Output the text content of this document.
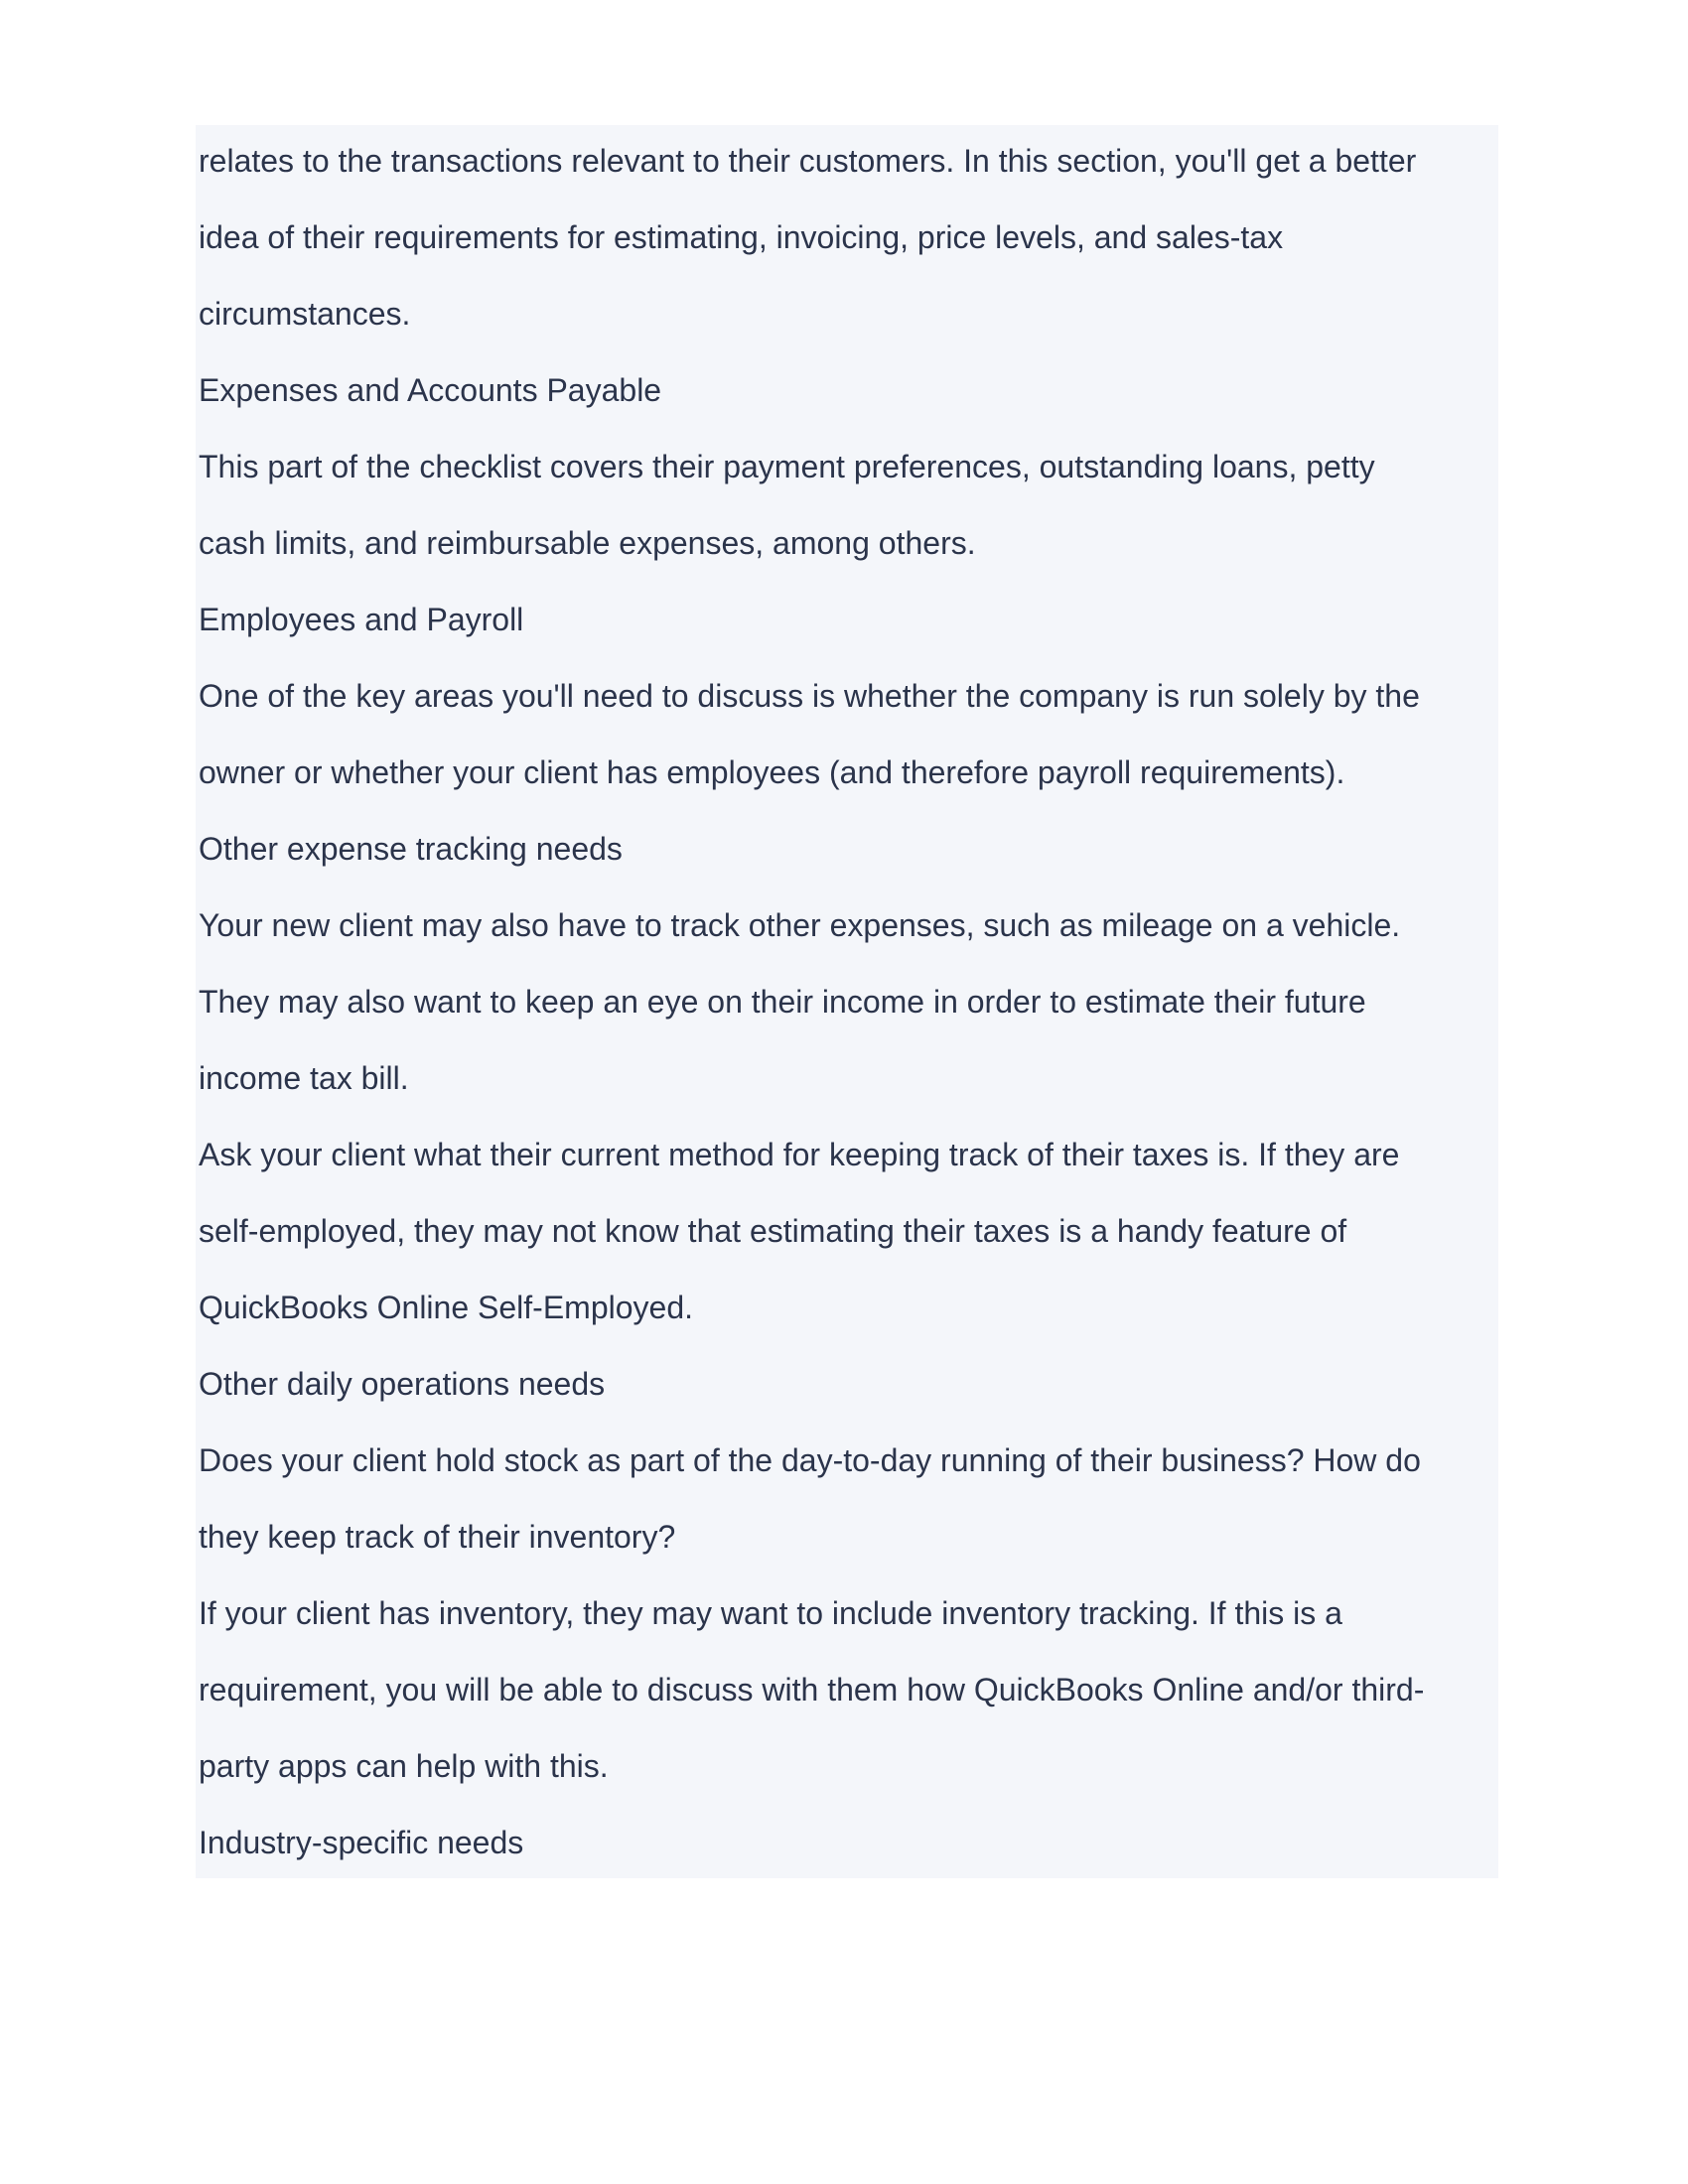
relates to the transactions relevant to their customers. In this section, you'll get a better

idea of their requirements for estimating, invoicing, price levels, and sales-tax

circumstances.

Expenses and Accounts Payable

This part of the checklist covers their payment preferences, outstanding loans, petty

cash limits, and reimbursable expenses, among others.

Employees and Payroll

One of the key areas you'll need to discuss is whether the company is run solely by the

owner or whether your client has employees (and therefore payroll requirements).

Other expense tracking needs

Your new client may also have to track other expenses, such as mileage on a vehicle.

They may also want to keep an eye on their income in order to estimate their future

income tax bill.

Ask your client what their current method for keeping track of their taxes is. If they are

self-employed, they may not know that estimating their taxes is a handy feature of

QuickBooks Online Self-Employed.

Other daily operations needs

Does your client hold stock as part of the day-to-day running of their business? How do

they keep track of their inventory?

If your client has inventory, they may want to include inventory tracking. If this is a

requirement, you will be able to discuss with them how QuickBooks Online and/or third-

party apps can help with this.

Industry-specific needs
